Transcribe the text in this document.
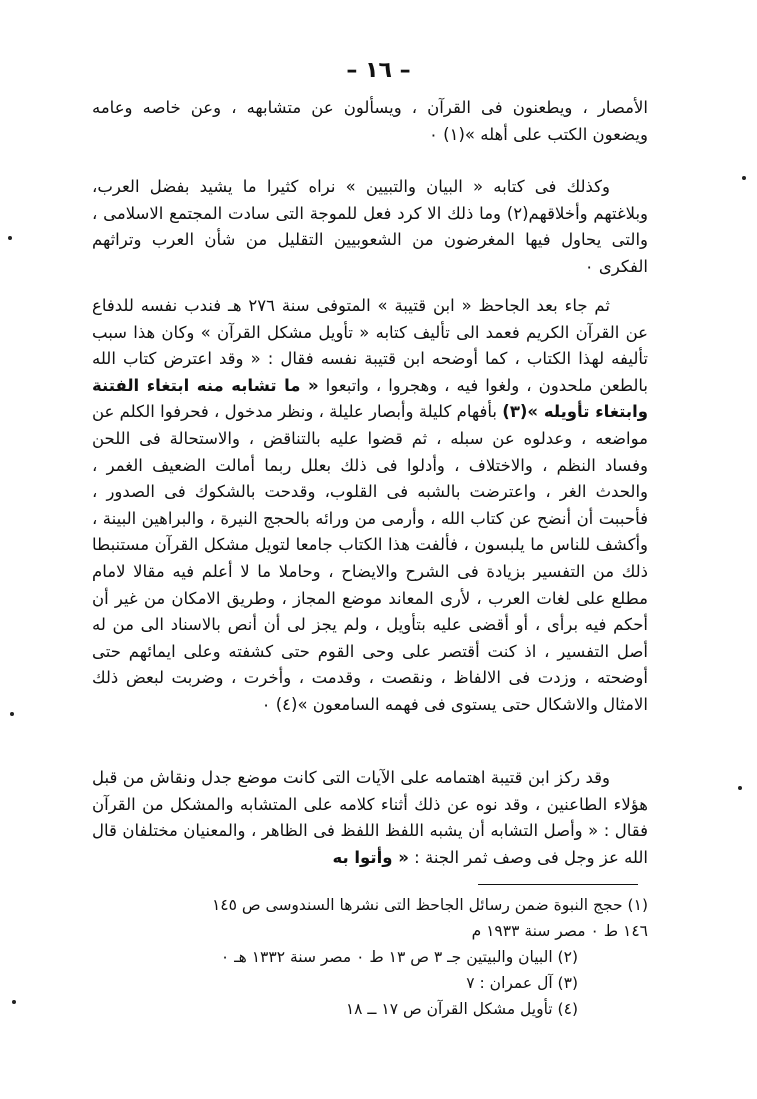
– ١٦ –

الأمصار ، ويطعنون فى القرآن ، ويسألون عن متشابهه ، وعن خاصه وعامه ويضعون الكتب على أهله »(١) ٠

وكذلك فى كتابه « البيان والتبيين » نراه كثيرا ما يشيد بفضل العرب، وبلاغتهم وأخلاقهم(٢) وما ذلك الا كرد فعل للموجة التى سادت المجتمع الاسلامى ، والتى يحاول فيها المغرضون من الشعوبيين التقليل من شأن العرب وتراثهم الفكرى ٠

ثم جاء بعد الجاحظ « ابن قتيبة » المتوفى سنة ٢٧٦ هـ فندب نفسه للدفاع عن القرآن الكريم فعمد الى تأليف كتابه « تأويل مشكل القرآن » وكان هذا سبب تأليفه لهذا الكتاب ، كما أوضحه ابن قتيبة نفسه فقال : « وقد اعترض كتاب الله بالطعن ملحدون ، ولغوا فيه ، وهجروا ، واتبعوا « ما تشابه منه ابتغاء الفتنة وابتغاء تأويله »(٣) بأفهام كليلة وأبصار عليلة ، ونظر مدخول ، فحرفوا الكلم عن مواضعه ، وعدلوه عن سبله ، ثم قضوا عليه بالتناقض ، والاستحالة فى اللحن وفساد النظم ، والاختلاف ، وأدلوا فى ذلك بعلل ربما أمالت الضعيف الغمر ، والحدث الغر ، واعترضت بالشبه فى القلوب، وقدحت بالشكوك فى الصدور ، فأحببت أن أنضح عن كتاب الله ، وأرمى من ورائه بالحجج النيرة ، والبراهين البينة ، وأكشف للناس ما يلبسون ، فألفت هذا الكتاب جامعا لتويل مشكل القرآن مستنبطا ذلك من التفسير بزيادة فى الشرح والايضاح ، وحاملا ما لا أعلم فيه مقالا لامام مطلع على لغات العرب ، لأرى المعاند موضع المجاز ، وطريق الامكان من غير أن أحكم فيه برأى ، أو أقضى عليه بتأويل ، ولم يجز لى أن أنص بالاسناد الى من له أصل التفسير ، اذ كنت أقتصر على وحى القوم حتى كشفته وعلى ايمائهم حتى أوضحته ، وزدت فى الالفاظ ، ونقصت ، وقدمت ، وأخرت ، وضربت لبعض ذلك الامثال والاشكال حتى يستوى فى فهمه السامعون »(٤) ٠

وقد ركز ابن قتيبة اهتمامه على الآيات التى كانت موضع جدل ونقاش من قبل هؤلاء الطاعنين ، وقد نوه عن ذلك أثناء كلامه على المتشابه والمشكل من القرآن فقال : « وأصل التشابه أن يشبه اللفظ اللفظ فى الظاهر ، والمعنيان مختلفان قال الله عز وجل فى وصف ثمر الجنة : « وأتوا به

(١) حجج النبوة ضمن رسائل الجاحظ التى نشرها السندوسى ص ١٤٥

١٤٦ ط ٠ مصر سنة ١٩٣٣ م

(٢) البيان والبيتين جـ ٣ ص ١٣ ط ٠ مصر سنة ١٣٣٢ هـ ٠

(٣) آل عمران : ٧

(٤) تأويل مشكل القرآن ص ١٧ ــ ١٨
